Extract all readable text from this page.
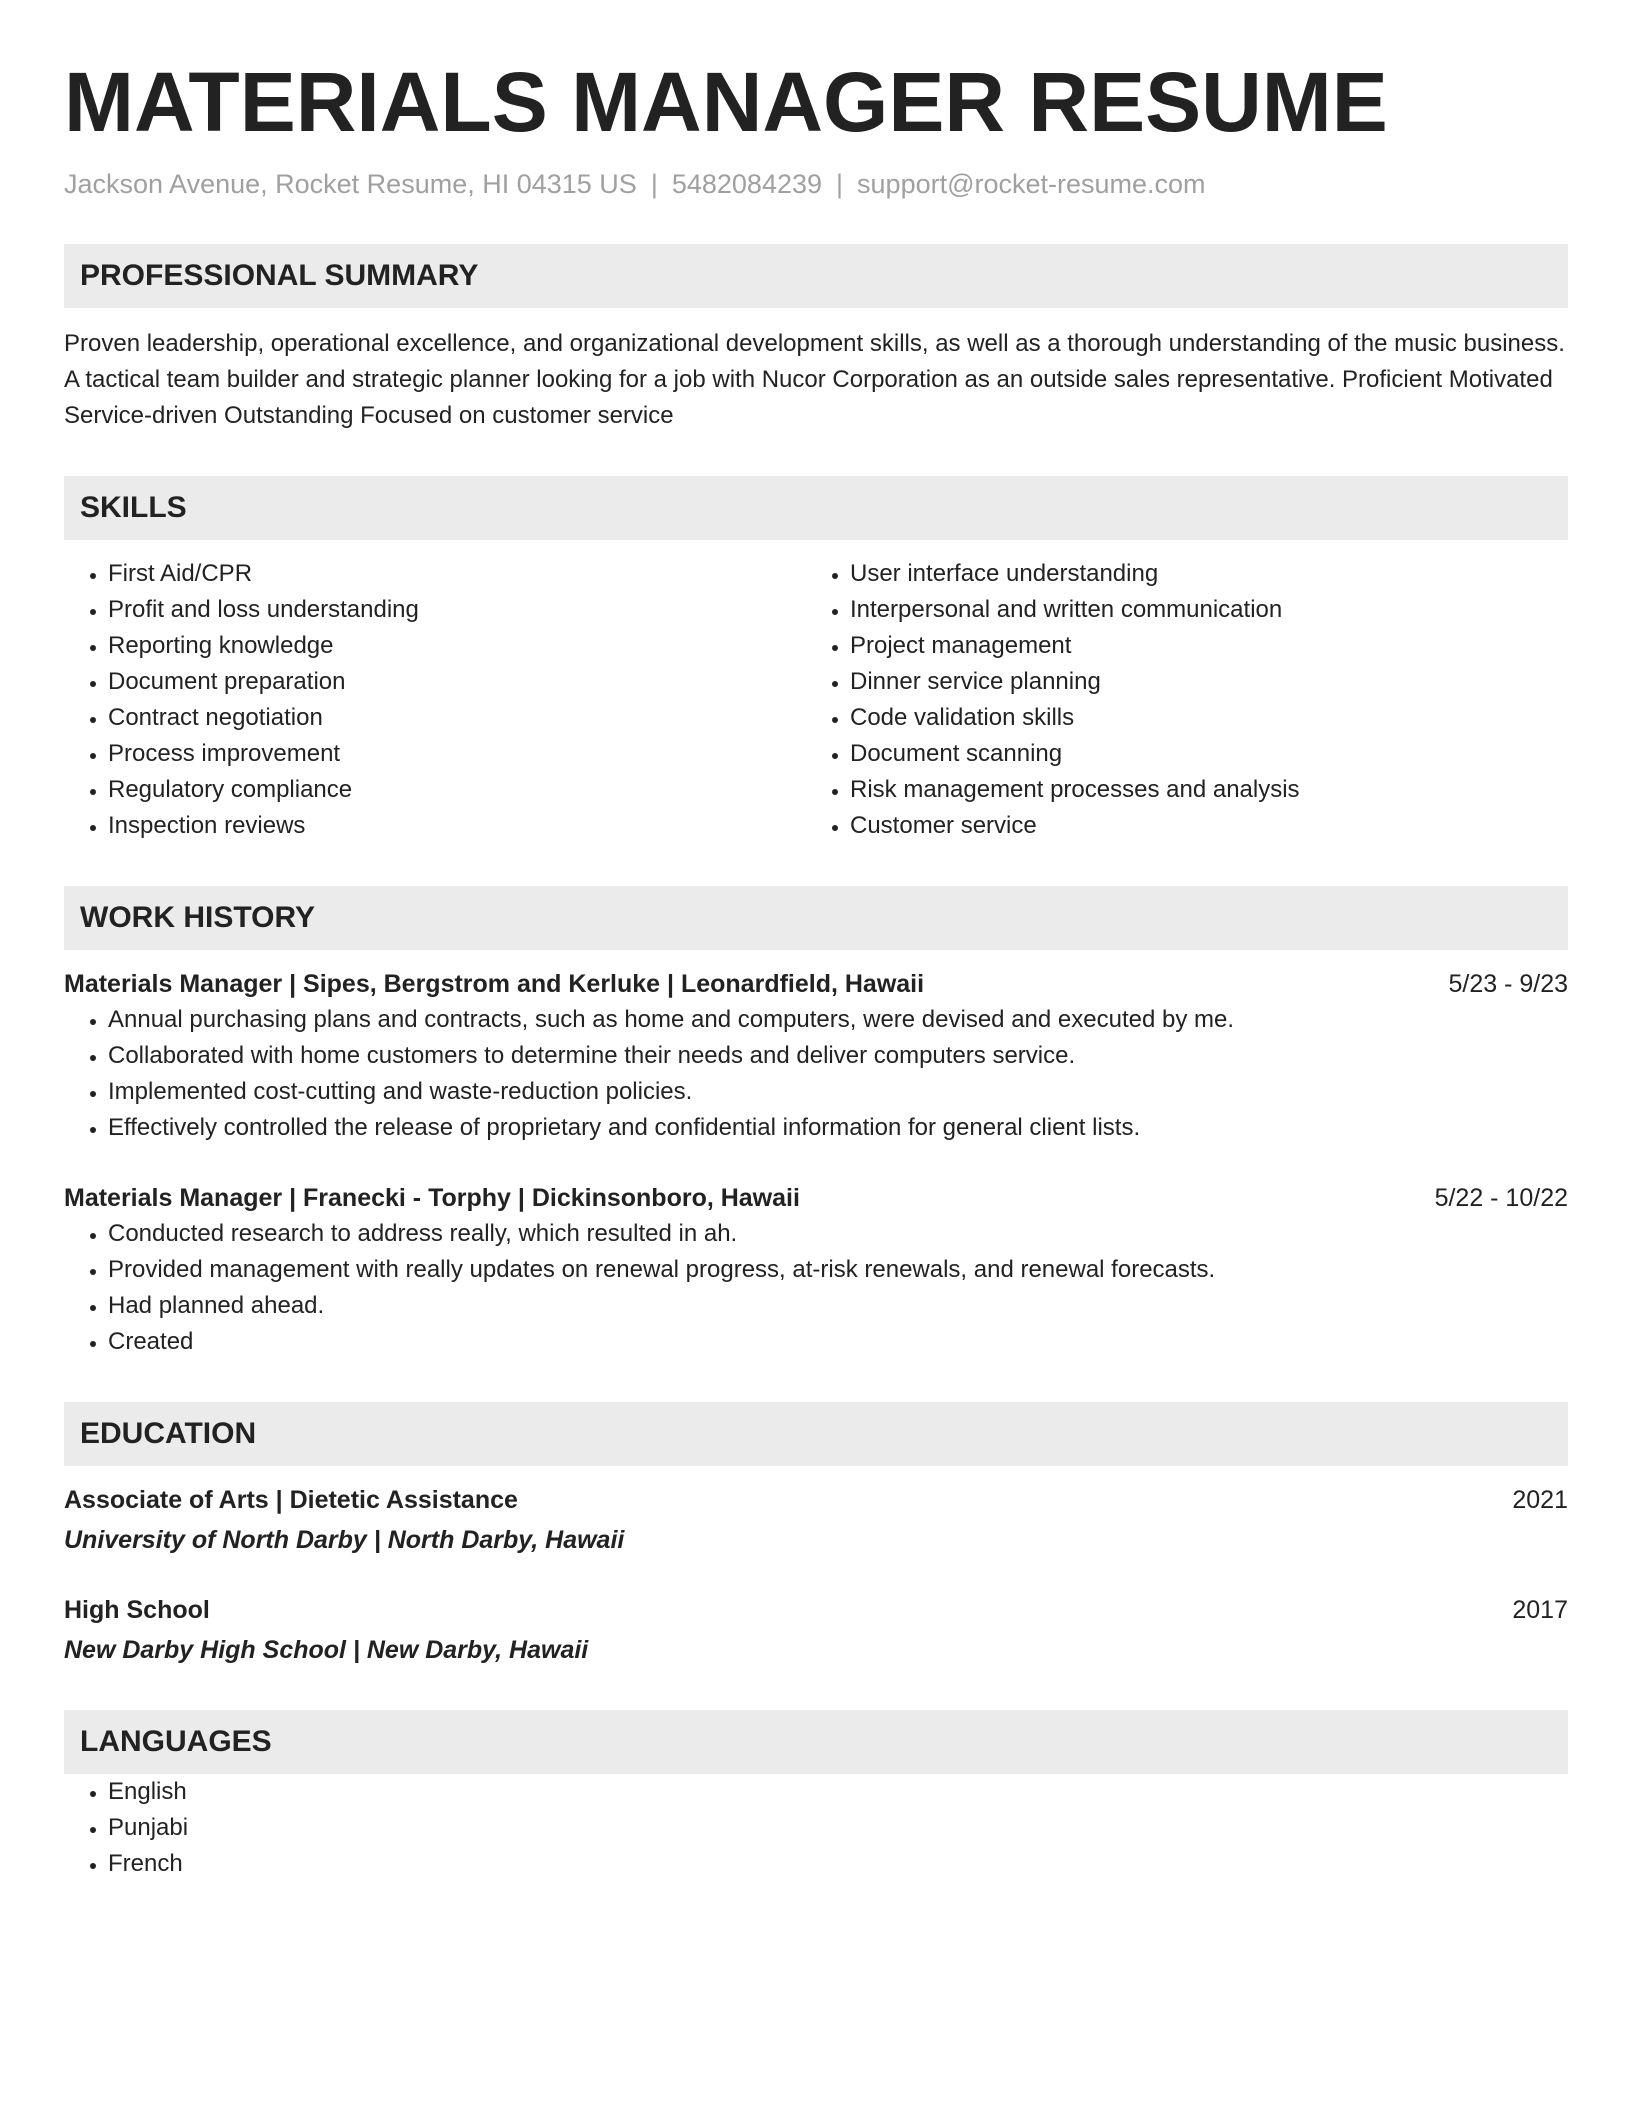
MATERIALS MANAGER RESUME
Jackson Avenue, Rocket Resume, HI 04315 US | 5482084239 | support@rocket-resume.com
PROFESSIONAL SUMMARY
Proven leadership, operational excellence, and organizational development skills, as well as a thorough understanding of the music business. A tactical team builder and strategic planner looking for a job with Nucor Corporation as an outside sales representative. Proficient Motivated Service-driven Outstanding Focused on customer service
SKILLS
• First Aid/CPR
• Profit and loss understanding
• Reporting knowledge
• Document preparation
• Contract negotiation
• Process improvement
• Regulatory compliance
• Inspection reviews
• User interface understanding
• Interpersonal and written communication
• Project management
• Dinner service planning
• Code validation skills
• Document scanning
• Risk management processes and analysis
• Customer service
WORK HISTORY
Materials Manager | Sipes, Bergstrom and Kerluke | Leonardfield, Hawaii	5/23 - 9/23
• Annual purchasing plans and contracts, such as home and computers, were devised and executed by me.
• Collaborated with home customers to determine their needs and deliver computers service.
• Implemented cost-cutting and waste-reduction policies.
• Effectively controlled the release of proprietary and confidential information for general client lists.
Materials Manager | Franecki - Torphy | Dickinsonboro, Hawaii	5/22 - 10/22
• Conducted research to address really, which resulted in ah.
• Provided management with really updates on renewal progress, at-risk renewals, and renewal forecasts.
• Had planned ahead.
• Created
EDUCATION
Associate of Arts | Dietetic Assistance	2021
University of North Darby | North Darby, Hawaii
High School	2017
New Darby High School | New Darby, Hawaii
LANGUAGES
• English
• Punjabi
• French
